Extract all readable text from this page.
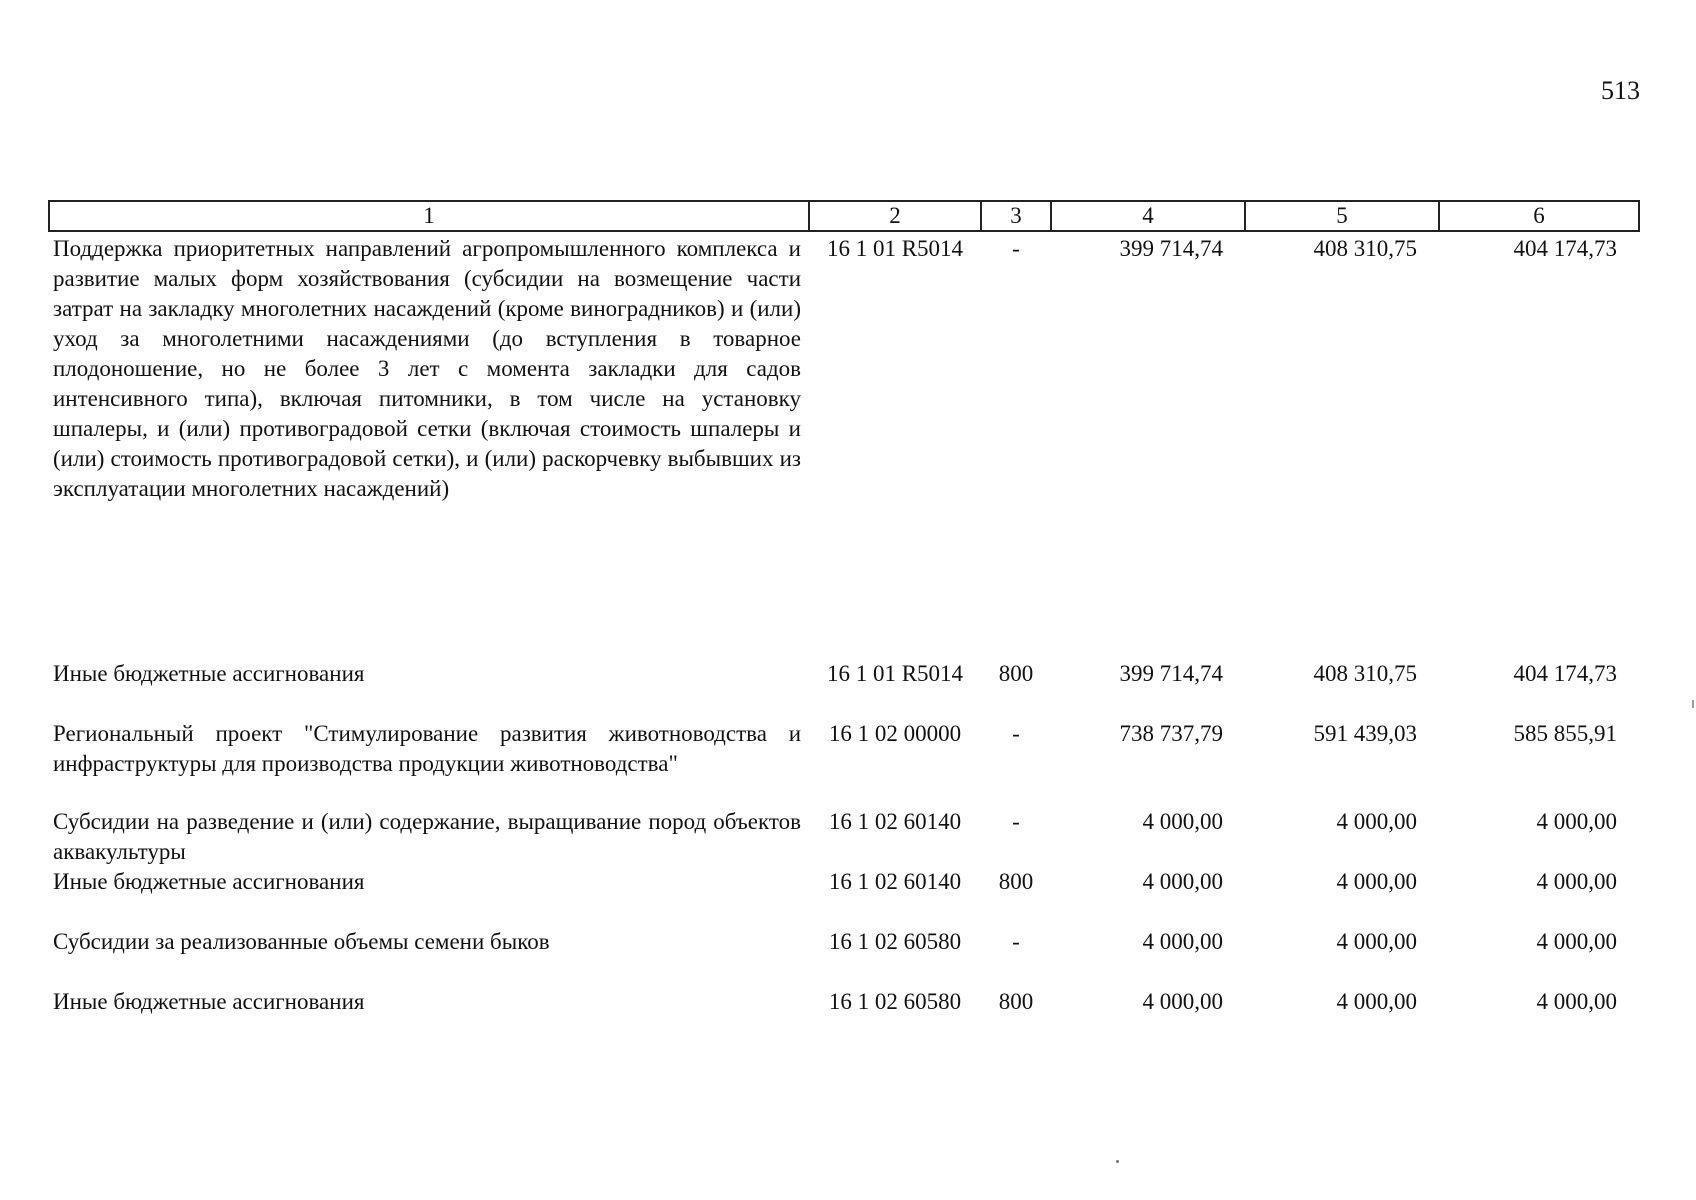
513
1	2	3	4	5	6
Поддержка приоритетных направлений агропромышленного комплекса и развитие малых форм хозяйствования (субсидии на возмещение части затрат на закладку многолетних насаждений (кроме виноградников) и (или) уход за многолетними насаждениями (до вступления в товарное плодоношение, но не более 3 лет с момента закладки для садов интенсивного типа), включая питомники, в том числе на установку шпалеры, и (или) противоградовой сетки (включая стоимость шпалеры и (или) стоимость противоградовой сетки), и (или) раскорчевку выбывших из эксплуатации многолетних насаждений)	16 1 01 R5014	-	399 714,74	408 310,75	404 174,73
Иные бюджетные ассигнования	16 1 01 R5014	800	399 714,74	408 310,75	404 174,73
Региональный проект "Стимулирование развития животноводства и инфраструктуры для производства продукции животноводства"	16 1 02 00000	-	738 737,79	591 439,03	585 855,91
Субсидии на разведение и (или) содержание, выращивание пород объектов аквакультуры	16 1 02 60140	-	4 000,00	4 000,00	4 000,00
Иные бюджетные ассигнования	16 1 02 60140	800	4 000,00	4 000,00	4 000,00
Субсидии за реализованные объемы семени быков	16 1 02 60580	-	4 000,00	4 000,00	4 000,00
Иные бюджетные ассигнования	16 1 02 60580	800	4 000,00	4 000,00	4 000,00
